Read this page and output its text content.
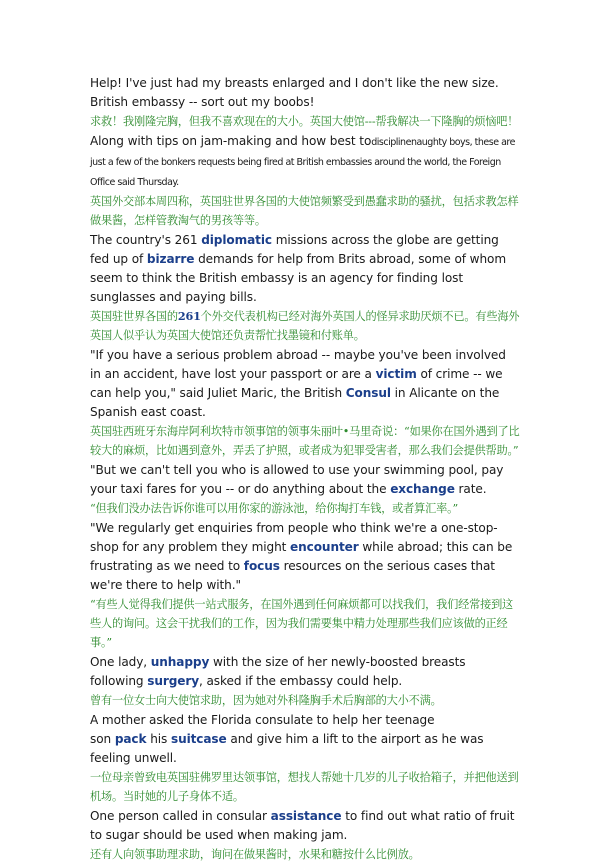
Help! I've just had my breasts enlarged and I don't like the new size. British embassy -- sort out my boobs!

求救！我刚隆完胸，但我不喜欢现在的大小。英国大使馆---帮我解决一下隆胸的烦恼吧！

Along with tips on jam-making and how best todisciplinenaughty boys, these are just a few of the bonkers requests being fired at British embassies around the world, the Foreign Office said Thursday.

英国外交部本周四称，英国驻世界各国的大使馆频繁受到愚蠢求助的骚扰，包括求教怎样做果酱，怎样管教淘气的男孩等等。

The country's 261 diplomatic missions across the globe are getting fed up of bizarre demands for help from Brits abroad, some of whom seem to think the British embassy is an agency for finding lost sunglasses and paying bills.

英国驻世界各国的261个外交代表机构已经对海外英国人的怪异求助厌烦不已。有些海外英国人似乎认为英国大使馆还负责帮忙找墨镜和付账单。

"If you have a serious problem abroad -- maybe you've been involved in an accident, have lost your passport or are a victim of crime -- we can help you," said Juliet Maric, the British Consul in Alicante on the Spanish east coast.

英国驻西班牙东海岸阿利坎特市领事馆的领事朱丽叶•马里奇说：“如果你在国外遇到了比较大的麻烦，比如遇到意外，弄丢了护照，或者成为犯罪受害者，那么我们会提供帮助。”

"But we can't tell you who is allowed to use your swimming pool, pay your taxi fares for you -- or do anything about the exchange rate.

“但我们没办法告诉你谁可以用你家的游泳池，给你掏打车钱，或者算汇率。”

"We regularly get enquiries from people who think we're a one-stop-shop for any problem they might encounter while abroad; this can be frustrating as we need to focus resources on the serious cases that we're there to help with."

“有些人觉得我们提供一站式服务，在国外遇到任何麻烦都可以找我们，我们经常接到这些人的询问。这会干扰我们的工作，因为我们需要集中精力处理那些我们应该做的正经事。”

One lady, unhappy with the size of her newly-boosted breasts
following surgery, asked if the embassy could help.

曾有一位女士向大使馆求助，因为她对外科隆胸手术后胸部的大小不满。

A mother asked the Florida consulate to help her teenage
son pack his suitcase and give him a lift to the airport as he was feeling unwell.

一位母亲曾致电英国驻佛罗里达领事馆，想找人帮她十几岁的儿子收拾箱子，并把他送到机场。当时她的儿子身体不适。

One person called in consular assistance to find out what ratio of fruit to sugar should be used when making jam.

还有人向领事助理求助，询问在做果酱时，水果和糖按什么比例放。
